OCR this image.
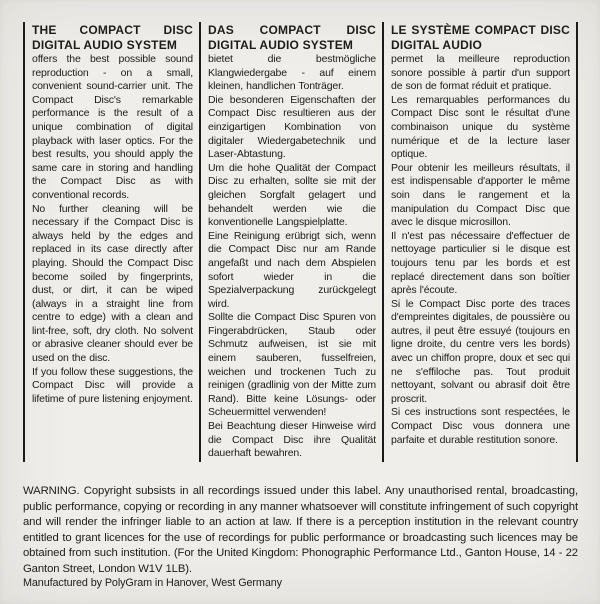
THE COMPACT DISC DIGITAL AUDIO SYSTEM

offers the best possible sound reproduction - on a small, convenient sound-carrier unit. The Compact Disc's remarkable performance is the result of a unique combination of digital playback with laser optics. For the best results, you should apply the same care in storing and handling the Compact Disc as with conventional records.

No further cleaning will be necessary if the Compact Disc is always held by the edges and replaced in its case directly after playing. Should the Compact Disc become soiled by fingerprints, dust, or dirt, it can be wiped (always in a straight line from centre to edge) with a clean and lint-free, soft, dry cloth. No solvent or abrasive cleaner should ever be used on the disc.

If you follow these suggestions, the Compact Disc will provide a lifetime of pure listening enjoyment.

DAS COMPACT DISC DIGITAL AUDIO SYSTEM

bietet die bestmögliche Klangwiedergabe - auf einem kleinen, handlichen Tonträger.

Die besonderen Eigenschaften der Compact Disc resultieren aus der einzigartigen Kombination von digitaler Wiedergabetechnik und Laser-Abtastung.

Um die hohe Qualität der Compact Disc zu erhalten, sollte sie mit der gleichen Sorgfalt gelagert und behandelt werden wie die konventionelle Langspielplatte.

Eine Reinigung erübrigt sich, wenn die Compact Disc nur am Rande angefaßt und nach dem Abspielen sofort wieder in die Spezialverpackung zurückgelegt wird.

Sollte die Compact Disc Spuren von Fingerabdrücken, Staub oder Schmutz aufweisen, ist sie mit einem sauberen, fusselfreien, weichen und trockenen Tuch zu reinigen (gradlinig von der Mitte zum Rand). Bitte keine Lösungs- oder Scheuermittel verwenden!

Bei Beachtung dieser Hinweise wird die Compact Disc ihre Qualität dauerhaft bewahren.

LE SYSTÈME COMPACT DISC DIGITAL AUDIO

permet la meilleure reproduction sonore possible à partir d'un support de son de format réduit et pratique.

Les remarquables performances du Compact Disc sont le résultat d'une combinaison unique du système numérique et de la lecture laser optique.

Pour obtenir les meilleurs résultats, il est indispensable d'apporter le même soin dans le rangement et la manipulation du Compact Disc que avec le disque microsillon.

Il n'est pas nécessaire d'effectuer de nettoyage particulier si le disque est toujours tenu par les bords et est replacé directement dans son boîtier après l'écoute.

Si le Compact Disc porte des traces d'empreintes digitales, de poussière ou autres, il peut être essuyé (toujours en ligne droite, du centre vers les bords) avec un chiffon propre, doux et sec qui ne s'effiloche pas. Tout produit nettoyant, solvant ou abrasif doit être proscrit.

Si ces instructions sont respectées, le Compact Disc vous donnera une parfaite et durable restitution sonore.

WARNING. Copyright subsists in all recordings issued under this label. Any unauthorised rental, broadcasting, public performance, copying or recording in any manner whatsoever will constitute infringement of such copyright and will render the infringer liable to an action at law. If there is a perception institution in the relevant country entitled to grant licences for the use of recordings for public performance or broadcasting such licences may be obtained from such institution. (For the United Kingdom: Phonographic Performance Ltd., Ganton House, 14 - 22 Ganton Street, London W1V 1LB).

Manufactured by PolyGram in Hanover, West Germany
